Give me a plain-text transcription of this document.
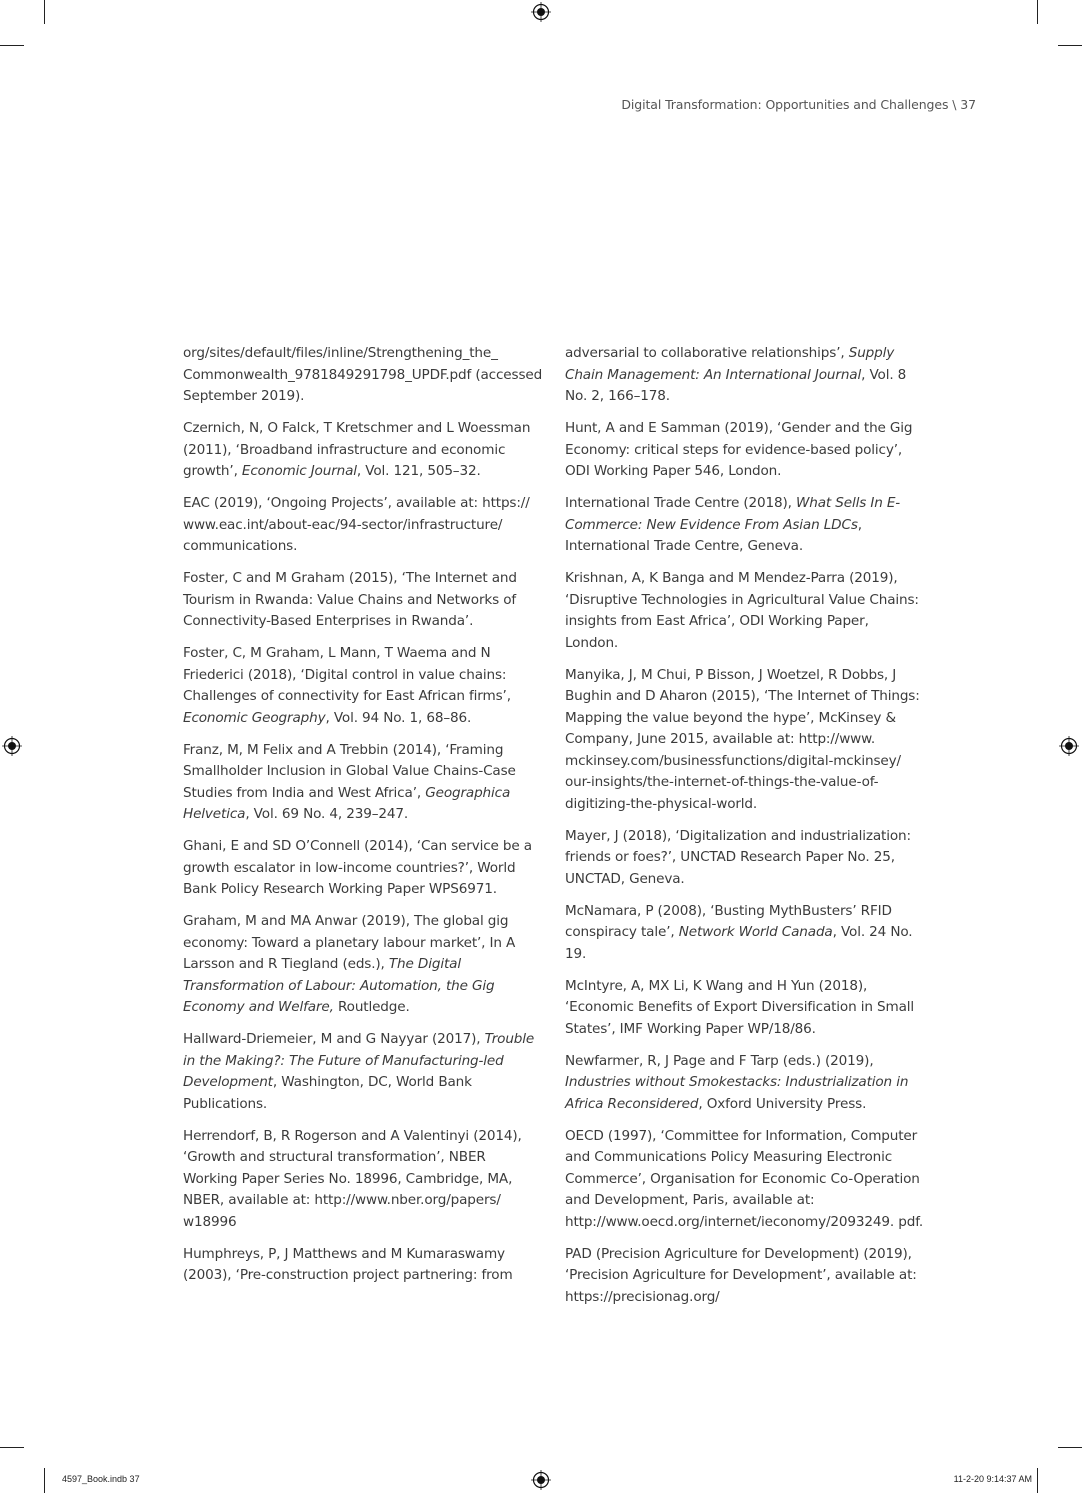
Digital Transformation: Opportunities and Challenges \ 37

org/sites/default/files/inline/Strengthening_the_ Commonwealth_9781849291798_UPDF.pdf (accessed September 2019).

Czernich, N, O Falck, T Kretschmer and L Woessman (2011), ‘Broadband infrastructure and economic growth’, Economic Journal, Vol. 121, 505–32.

EAC (2019), ‘Ongoing Projects’, available at: https:// www.eac.int/about-eac/94-sector/infrastructure/ communications.

Foster, C and M Graham (2015), ‘The Internet and Tourism in Rwanda: Value Chains and Networks of Connectivity-Based Enterprises in Rwanda’.

Foster, C, M Graham, L Mann, T Waema and N Friederici (2018), ‘Digital control in value chains: Challenges of connectivity for East African firms’, Economic Geography, Vol. 94 No. 1, 68–86.

Franz, M, M Felix and A Trebbin (2014), ‘Framing Smallholder Inclusion in Global Value Chains-Case Studies from India and West Africa’, Geographica Helvetica, Vol. 69 No. 4, 239–247.

Ghani, E and SD O’Connell (2014), ‘Can service be a growth escalator in low-income countries?’, World Bank Policy Research Working Paper WPS6971.

Graham, M and MA Anwar (2019), The global gig economy: Toward a planetary labour market’, In A Larsson and R Tiegland (eds.), The Digital Transformation of Labour: Automation, the Gig Economy and Welfare, Routledge.

Hallward-Driemeier, M and G Nayyar (2017), Trouble in the Making?: The Future of Manufacturing-led Development, Washington, DC, World Bank Publications.

Herrendorf, B, R Rogerson and A Valentinyi (2014), ‘Growth and structural transformation’, NBER Working Paper Series No. 18996, Cambridge, MA, NBER, available at: http://www.nber.org/papers/ w18996

Humphreys, P, J Matthews and M Kumaraswamy (2003), ‘Pre-construction project partnering: from

adversarial to collaborative relationships’, Supply Chain Management: An International Journal, Vol. 8 No. 2, 166–178.

Hunt, A and E Samman (2019), ‘Gender and the Gig Economy: critical steps for evidence-based policy’, ODI Working Paper 546, London.

International Trade Centre (2018), What Sells In E-Commerce: New Evidence From Asian LDCs, International Trade Centre, Geneva.

Krishnan, A, K Banga and M Mendez-Parra (2019), ‘Disruptive Technologies in Agricultural Value Chains: insights from East Africa’, ODI Working Paper, London.

Manyika, J, M Chui, P Bisson, J Woetzel, R Dobbs, J Bughin and D Aharon (2015), ‘The Internet of Things: Mapping the value beyond the hype’, McKinsey & Company, June 2015, available at: http://www. mckinsey.com/businessfunctions/digital-mckinsey/ our-insights/the-internet-of-things-the-value-of-digitizing-the-physical-world.

Mayer, J (2018), ‘Digitalization and industrialization: friends or foes?’, UNCTAD Research Paper No. 25, UNCTAD, Geneva.

McNamara, P (2008), ‘Busting MythBusters’ RFID conspiracy tale’, Network World Canada, Vol. 24 No. 19.

McIntyre, A, MX Li, K Wang and H Yun (2018), ‘Economic Benefits of Export Diversification in Small States’, IMF Working Paper WP/18/86.

Newfarmer, R, J Page and F Tarp (eds.) (2019), Industries without Smokestacks: Industrialization in Africa Reconsidered, Oxford University Press.

OECD (1997), ‘Committee for Information, Computer and Communications Policy Measuring Electronic Commerce’, Organisation for Economic Co-Operation and Development, Paris, available at: http://www.oecd.org/internet/ieconomy/2093249. pdf.

PAD (Precision Agriculture for Development) (2019), ‘Precision Agriculture for Development’, available at: https://precisionag.org/

4597_Book.indb 37	11-2-20 9:14:37 AM
